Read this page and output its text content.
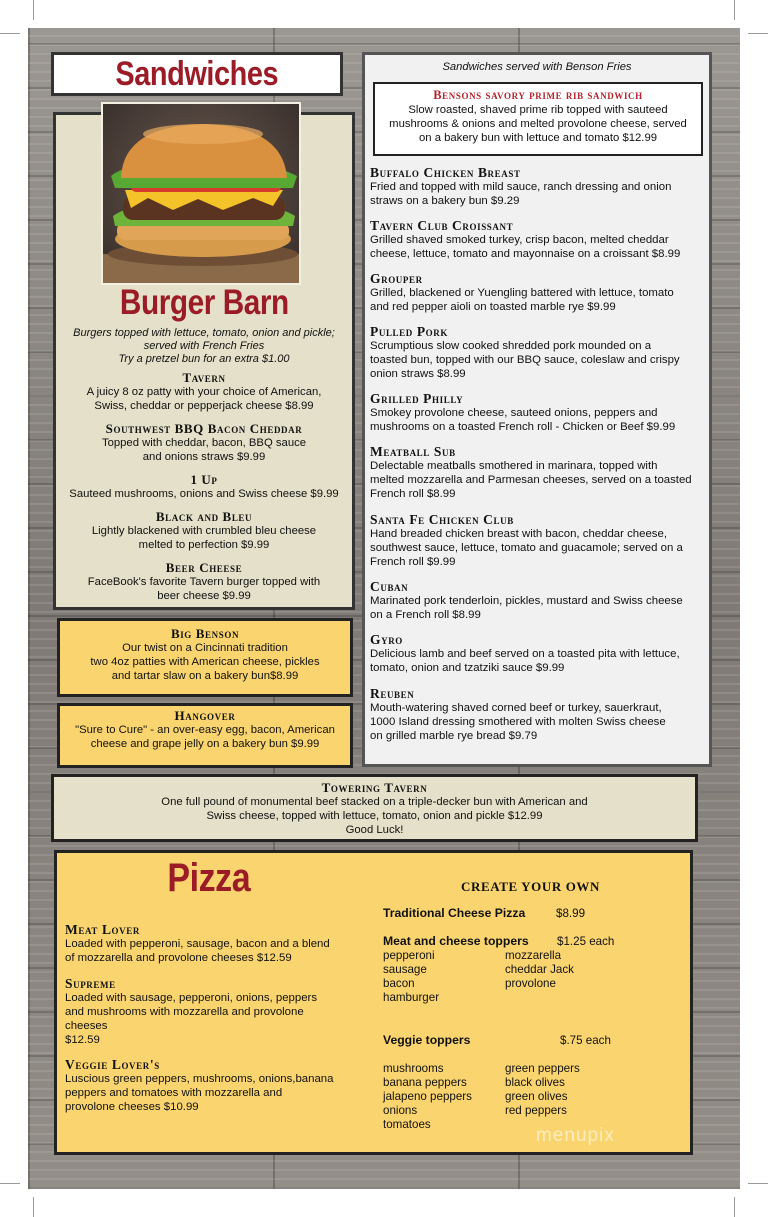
Sandwiches
Burger Barn
Burgers topped with lettuce, tomato, onion and pickle;
served with French Fries
Try a pretzel bun for an extra $1.00
Tavern
A juicy 8 oz patty with your choice of American,
Swiss, cheddar or pepperjack cheese $8.99
Southwest BBQ Bacon Cheddar
Topped with cheddar, bacon, BBQ sauce
and onions straws $9.99
1 Up
Sauteed mushrooms, onions and Swiss cheese $9.99
Black and Bleu
Lightly blackened with crumbled bleu cheese
melted to perfection $9.99
Beer Cheese
FaceBook's favorite Tavern burger topped with
beer cheese $9.99
Big Benson
Our twist on a Cincinnati tradition
two 4oz patties with American cheese, pickles
and tartar slaw on a bakery bun$8.99
Hangover
"Sure to Cure" - an over-easy egg, bacon, American
cheese and grape jelly on a bakery bun $9.99
Sandwiches served with Benson Fries
Bensons savory prime rib sandwich
Slow roasted, shaved prime rib topped with sauteed
mushrooms & onions and melted provolone cheese, served
on a bakery bun with lettuce and tomato $12.99
Buffalo Chicken Breast
Fried and topped with mild sauce, ranch dressing and onion
straws on a bakery bun $9.29
Tavern Club Croissant
Grilled shaved smoked turkey, crisp bacon, melted cheddar
cheese, lettuce, tomato and mayonnaise on a croissant $8.99
Grouper
Grilled, blackened or Yuengling battered with lettuce, tomato
and red pepper aioli on toasted marble rye $9.99
Pulled Pork
Scrumptious slow cooked shredded pork mounded on a
toasted bun, topped with our BBQ sauce, coleslaw and crispy
onion straws $8.99
Grilled Philly
Smokey provolone cheese, sauteed onions, peppers and
mushrooms on a toasted French roll - Chicken or Beef $9.99
Meatball Sub
Delectable meatballs smothered in marinara, topped with
melted mozzarella and Parmesan cheeses, served on a toasted
French roll $8.99
Santa Fe Chicken Club
Hand breaded chicken breast with bacon, cheddar cheese,
southwest sauce, lettuce, tomato and guacamole; served on a
French roll $9.99
Cuban
Marinated pork tenderloin, pickles, mustard and Swiss cheese
on a French roll $8.99
Gyro
Delicious lamb and beef served on a toasted pita with lettuce,
tomato, onion and tzatziki sauce $9.99
Reuben
Mouth-watering shaved corned beef or turkey, sauerkraut,
1000 Island dressing smothered with molten Swiss cheese
on grilled marble rye bread $9.79
Towering Tavern
One full pound of monumental beef stacked on a triple-decker bun with American and
Swiss cheese, topped with lettuce, tomato, onion and pickle $12.99
Good Luck!
Pizza
Meat Lover
Loaded with pepperoni, sausage, bacon and a blend
of mozzarella and provolone cheeses $12.59
Supreme
Loaded with sausage, pepperoni, onions, peppers
and mushrooms with mozzarella and provolone
cheeses
$12.59
Veggie Lover's
Luscious green peppers, mushrooms, onions,banana
peppers and tomatoes with mozzarella and
provolone cheeses $10.99
CREATE YOUR OWN
Traditional Cheese Pizza	$8.99
Meat and cheese toppers $1.25 each
pepperoni
sausage
bacon
hamburger
mozzarella
cheddar Jack
provolone
Veggie toppers	$.75 each
mushrooms
banana peppers
jalapeno peppers
onions
tomatoes
green peppers
black olives
green olives
red peppers
menupix
